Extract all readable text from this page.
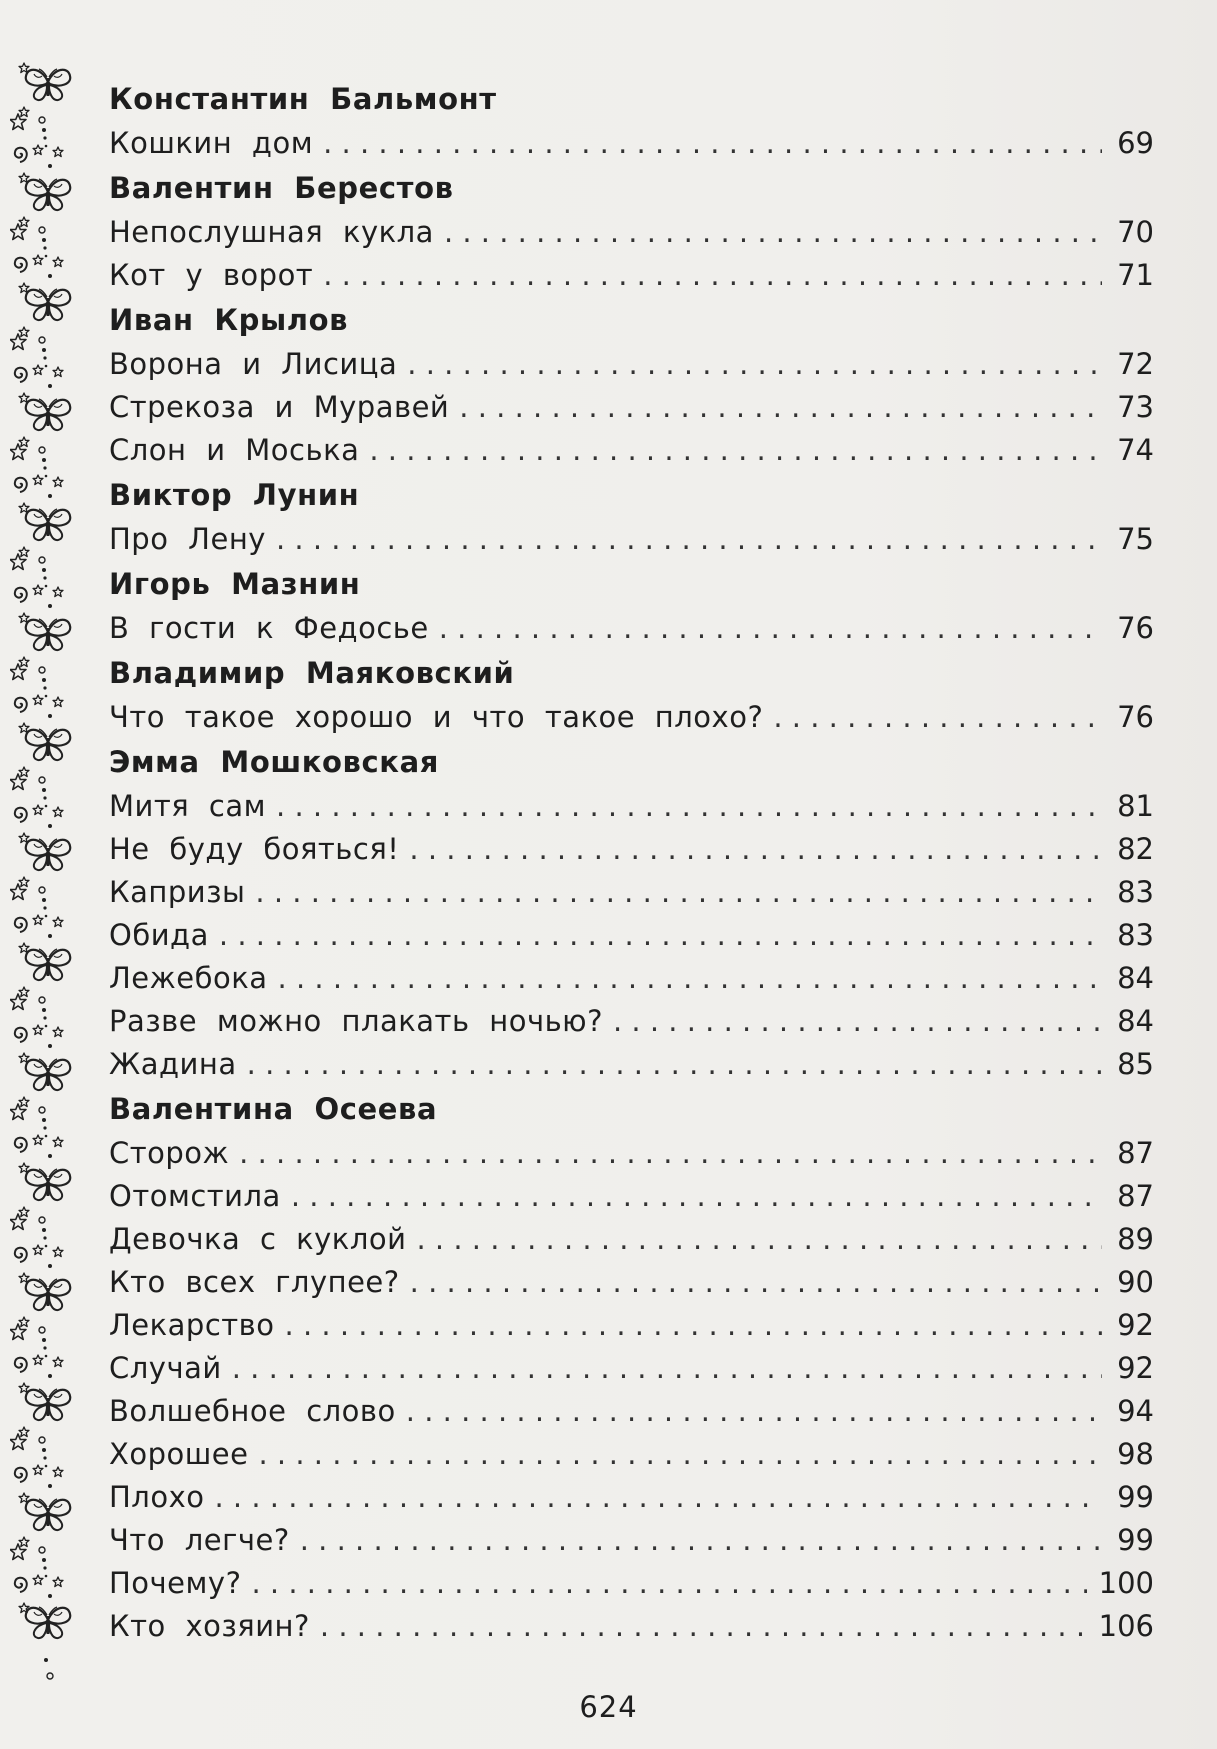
Константин Бальмонт
Кошкин дом . . .	69
Валентин Берестов
Непослушная кукла . . .	70
Кот у ворот . . .	71
Иван Крылов
Ворона и Лисица . . .	72
Стрекоза и Муравей . . .	73
Слон и Моська . . .	74
Виктор Лунин
Про Лену . . .	75
Игорь Мазнин
В гости к Федосье . . .	76
Владимир Маяковский
Что такое хорошо и что такое плохо? . . .	76
Эмма Мошковская
Митя сам . . .	81
Не буду бояться! . . .	82
Капризы . . .	83
Обида . . .	83
Лежебока . . .	84
Разве можно плакать ночью? . . .	84
Жадина . . .	85
Валентина Осеева
Сторож . . .	87
Отомстила . . .	87
Девочка с куклой . . .	89
Кто всех глупее? . . .	90
Лекарство . . .	92
Случай . . .	92
Волшебное слово . . .	94
Хорошее . . .	98
Плохо . . .	99
Что легче? . . .	99
Почему? . . .	100
Кто хозяин? . . .	106
624
